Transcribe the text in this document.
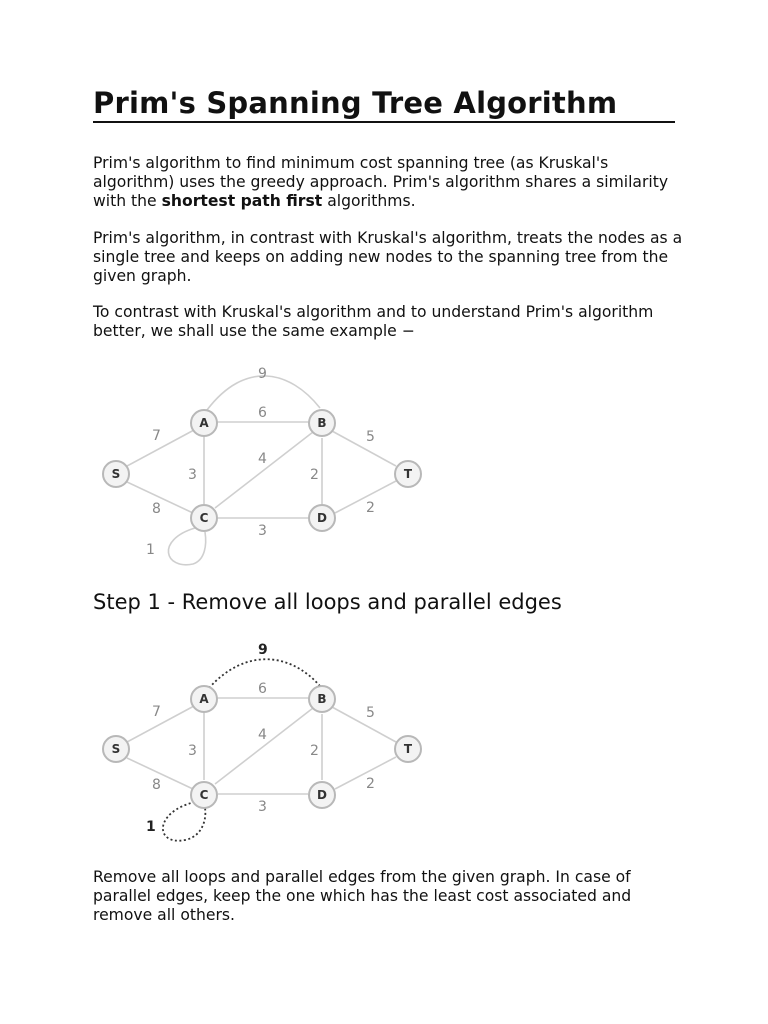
Prim's Spanning Tree Algorithm

Prim's algorithm to find minimum cost spanning tree (as Kruskal's algorithm) uses the greedy approach. Prim's algorithm shares a similarity with the shortest path first algorithms.

Prim's algorithm, in contrast with Kruskal's algorithm, treats the nodes as a single tree and keeps on adding new nodes to the spanning tree from the given graph.

To contrast with Kruskal's algorithm and to understand Prim's algorithm better, we shall use the same example −

9
6
7	5
3
4
2
8	2
3
1
S
A	B
C	D
T
Step 1 - Remove all loops and parallel edges
9
6
7	5
3
4
2
8	2
3
1
S
A	B
C	D
T

Remove all loops and parallel edges from the given graph. In case of parallel edges, keep the one which has the least cost associated and remove all others.
